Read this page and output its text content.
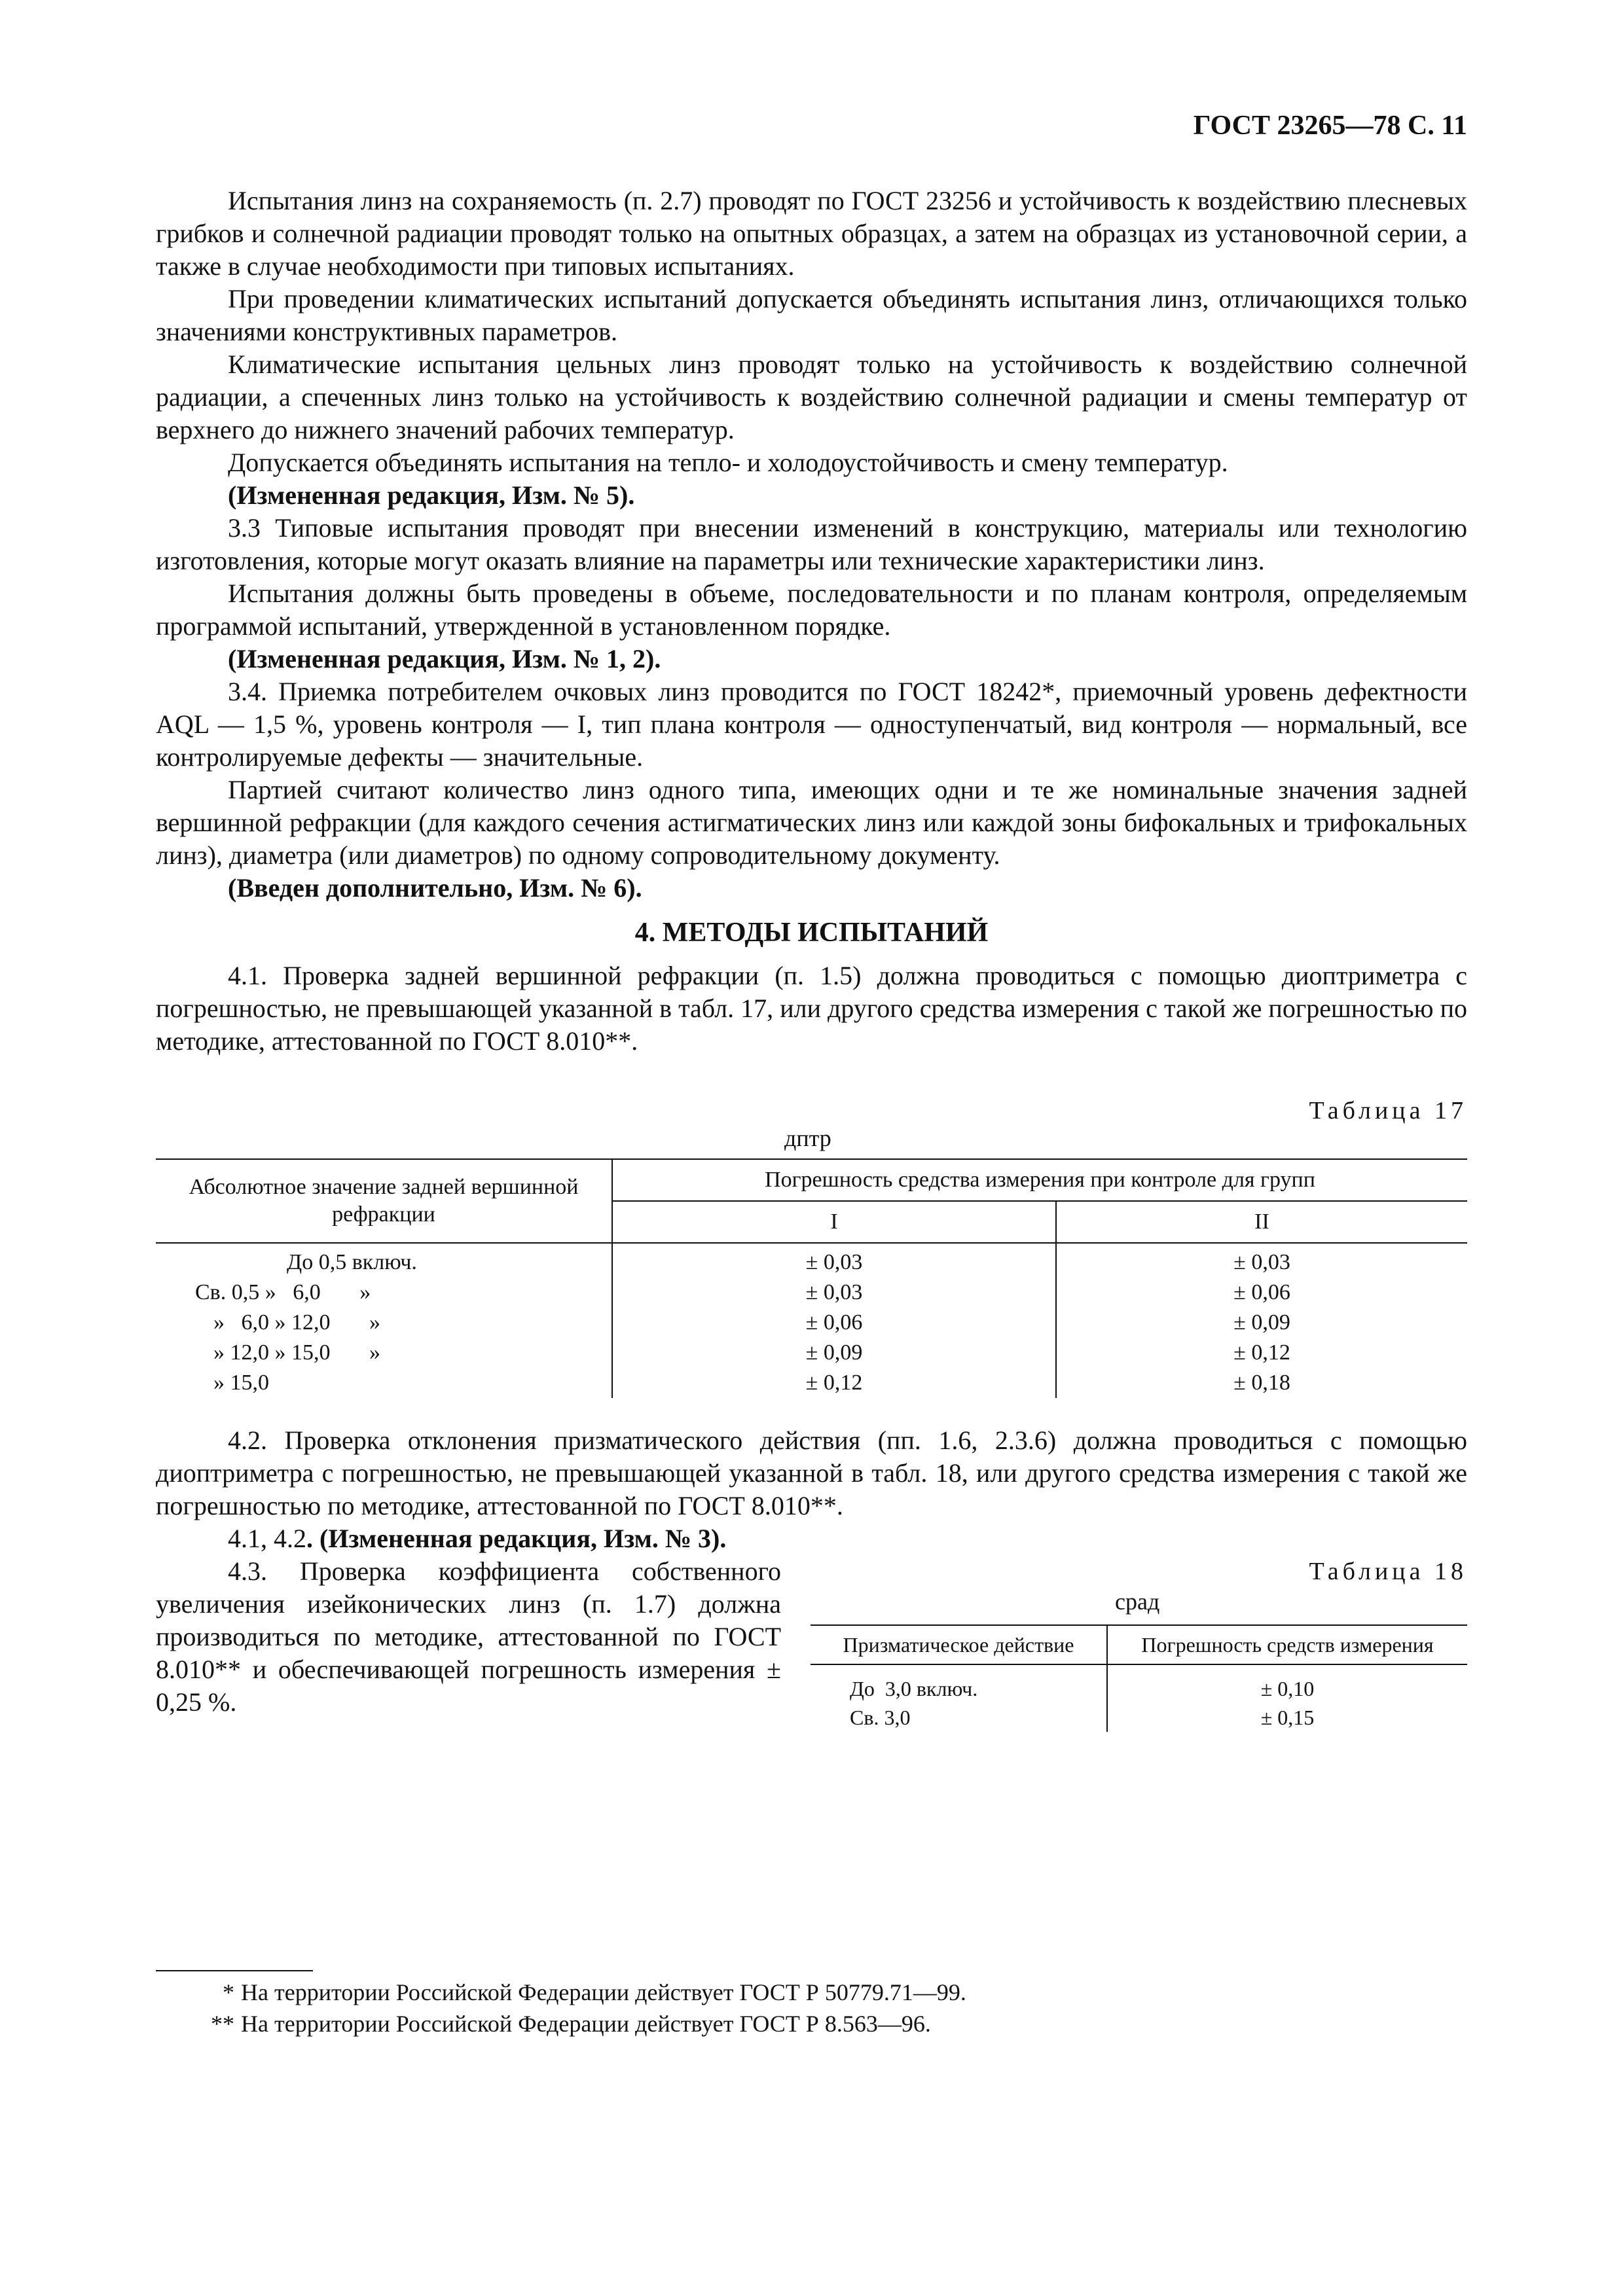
ГОСТ 23265—78 С. 11

Испытания линз на сохраняемость (п. 2.7) проводят по ГОСТ 23256 и устойчивость к воздействию плесневых грибков и солнечной радиации проводят только на опытных образцах, а затем на образцах из установочной серии, а также в случае необходимости при типовых испытаниях.

При проведении климатических испытаний допускается объединять испытания линз, отличающихся только значениями конструктивных параметров.

Климатические испытания цельных линз проводят только на устойчивость к воздействию солнечной радиации, а спеченных линз только на устойчивость к воздействию солнечной радиации и смены температур от верхнего до нижнего значений рабочих температур.

Допускается объединять испытания на тепло- и холодоустойчивость и смену температур.

(Измененная редакция, Изм. № 5).

3.3 Типовые испытания проводят при внесении изменений в конструкцию, материалы или технологию изготовления, которые могут оказать влияние на параметры или технические характеристики линз.

Испытания должны быть проведены в объеме, последовательности и по планам контроля, определяемым программой испытаний, утвержденной в установленном порядке.

(Измененная редакция, Изм. № 1, 2).

3.4. Приемка потребителем очковых линз проводится по ГОСТ 18242*, приемочный уровень дефектности AQL — 1,5 %, уровень контроля — I, тип плана контроля — одноступенчатый, вид контроля — нормальный, все контролируемые дефекты — значительные.

Партией считают количество линз одного типа, имеющих одни и те же номинальные значения задней вершинной рефракции (для каждого сечения астигматических линз или каждой зоны бифокальных и трифокальных линз), диаметра (или диаметров) по одному сопроводительному документу.

(Введен дополнительно, Изм. № 6).

4. МЕТОДЫ ИСПЫТАНИЙ

4.1. Проверка задней вершинной рефракции (п. 1.5) должна проводиться с помощью диоптриметра с погрешностью, не превышающей указанной в табл. 17, или другого средства измерения с такой же погрешностью по методике, аттестованной по ГОСТ 8.010**.

Таблица 17
дптр
Абсолютное значение задней вершинной рефракции	Погрешность средства измерения при контроле для групп	
	I	II
До 0,5 включ.	± 0,03	± 0,03
Св. 0,5 »   6,0       »	± 0,03	± 0,06
»   6,0 » 12,0       »	± 0,06	± 0,09
» 12,0 » 15,0       »	± 0,09	± 0,12
» 15,0	± 0,12	± 0,18

4.2. Проверка отклонения призматического действия (пп. 1.6, 2.3.6) должна проводиться с помощью диоптриметра с погрешностью, не превышающей указанной в табл. 18, или другого средства измерения с такой же погрешностью по методике, аттестованной по ГОСТ 8.010**.

4.1, 4.2. (Измененная редакция, Изм. № 3).

4.3. Проверка коэффициента собственного увеличения изейконических линз (п. 1.7) должна производиться по методике, аттестованной по ГОСТ 8.010** и обеспечивающей погрешность измерения ± 0,25 %.

Таблица 18
срад
Призматическое действие	Погрешность средств измерения
До  3,0 включ.	± 0,10
Св. 3,0	± 0,15
* На территории Российской Федерации действует ГОСТ Р 50779.71—99.
** На территории Российской Федерации действует ГОСТ Р 8.563—96.
